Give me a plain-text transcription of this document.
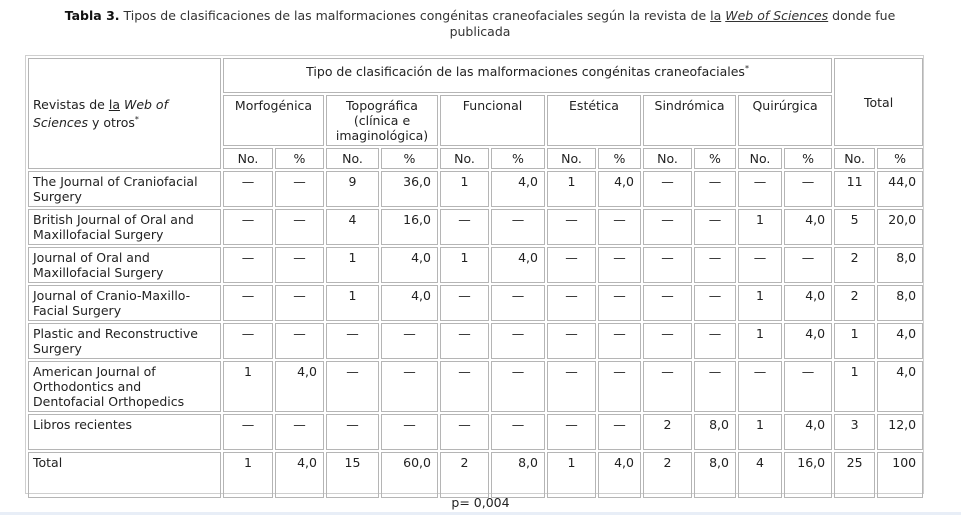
Tabla 3. Tipos de clasificaciones de las malformaciones congénitas craneofaciales según la revista de la Web of Sciences donde fue publicada
Revistas de la Web of Sciences y otros*	Tipo de clasificación de las malformaciones congénitas craneofaciales*												Total	
	Morfogénica		Topográfica (clínica e imaginológica)		Funcional		Estética		Sindrómica		Quirúrgica			
	No.	%	No.	%	No.	%	No.	%	No.	%	No.	%	No.	%
The Journal of Craniofacial Surgery	—	—	9	36,0	1	4,0	1	4,0	—	—	—	—	11	44,0
British Journal of Oral and Maxillofacial Surgery	—	—	4	16,0	—	—	—	—	—	—	1	4,0	5	20,0
Journal of Oral and Maxillofacial Surgery	—	—	1	4,0	1	4,0	—	—	—	—	—	—	2	8,0
Journal of Cranio-Maxillo-Facial Surgery	—	—	1	4,0	—	—	—	—	—	—	1	4,0	2	8,0
Plastic and Reconstructive Surgery	—	—	—	—	—	—	—	—	—	—	1	4,0	1	4,0
American Journal of Orthodontics and Dentofacial Orthopedics	1	4,0	—	—	—	—	—	—	—	—	—	—	1	4,0
Libros recientes	—	—	—	—	—	—	—	—	2	8,0	1	4,0	3	12,0
Total	1	4,0	15	60,0	2	8,0	1	4,0	2	8,0	4	16,0	25	100
p= 0,004
